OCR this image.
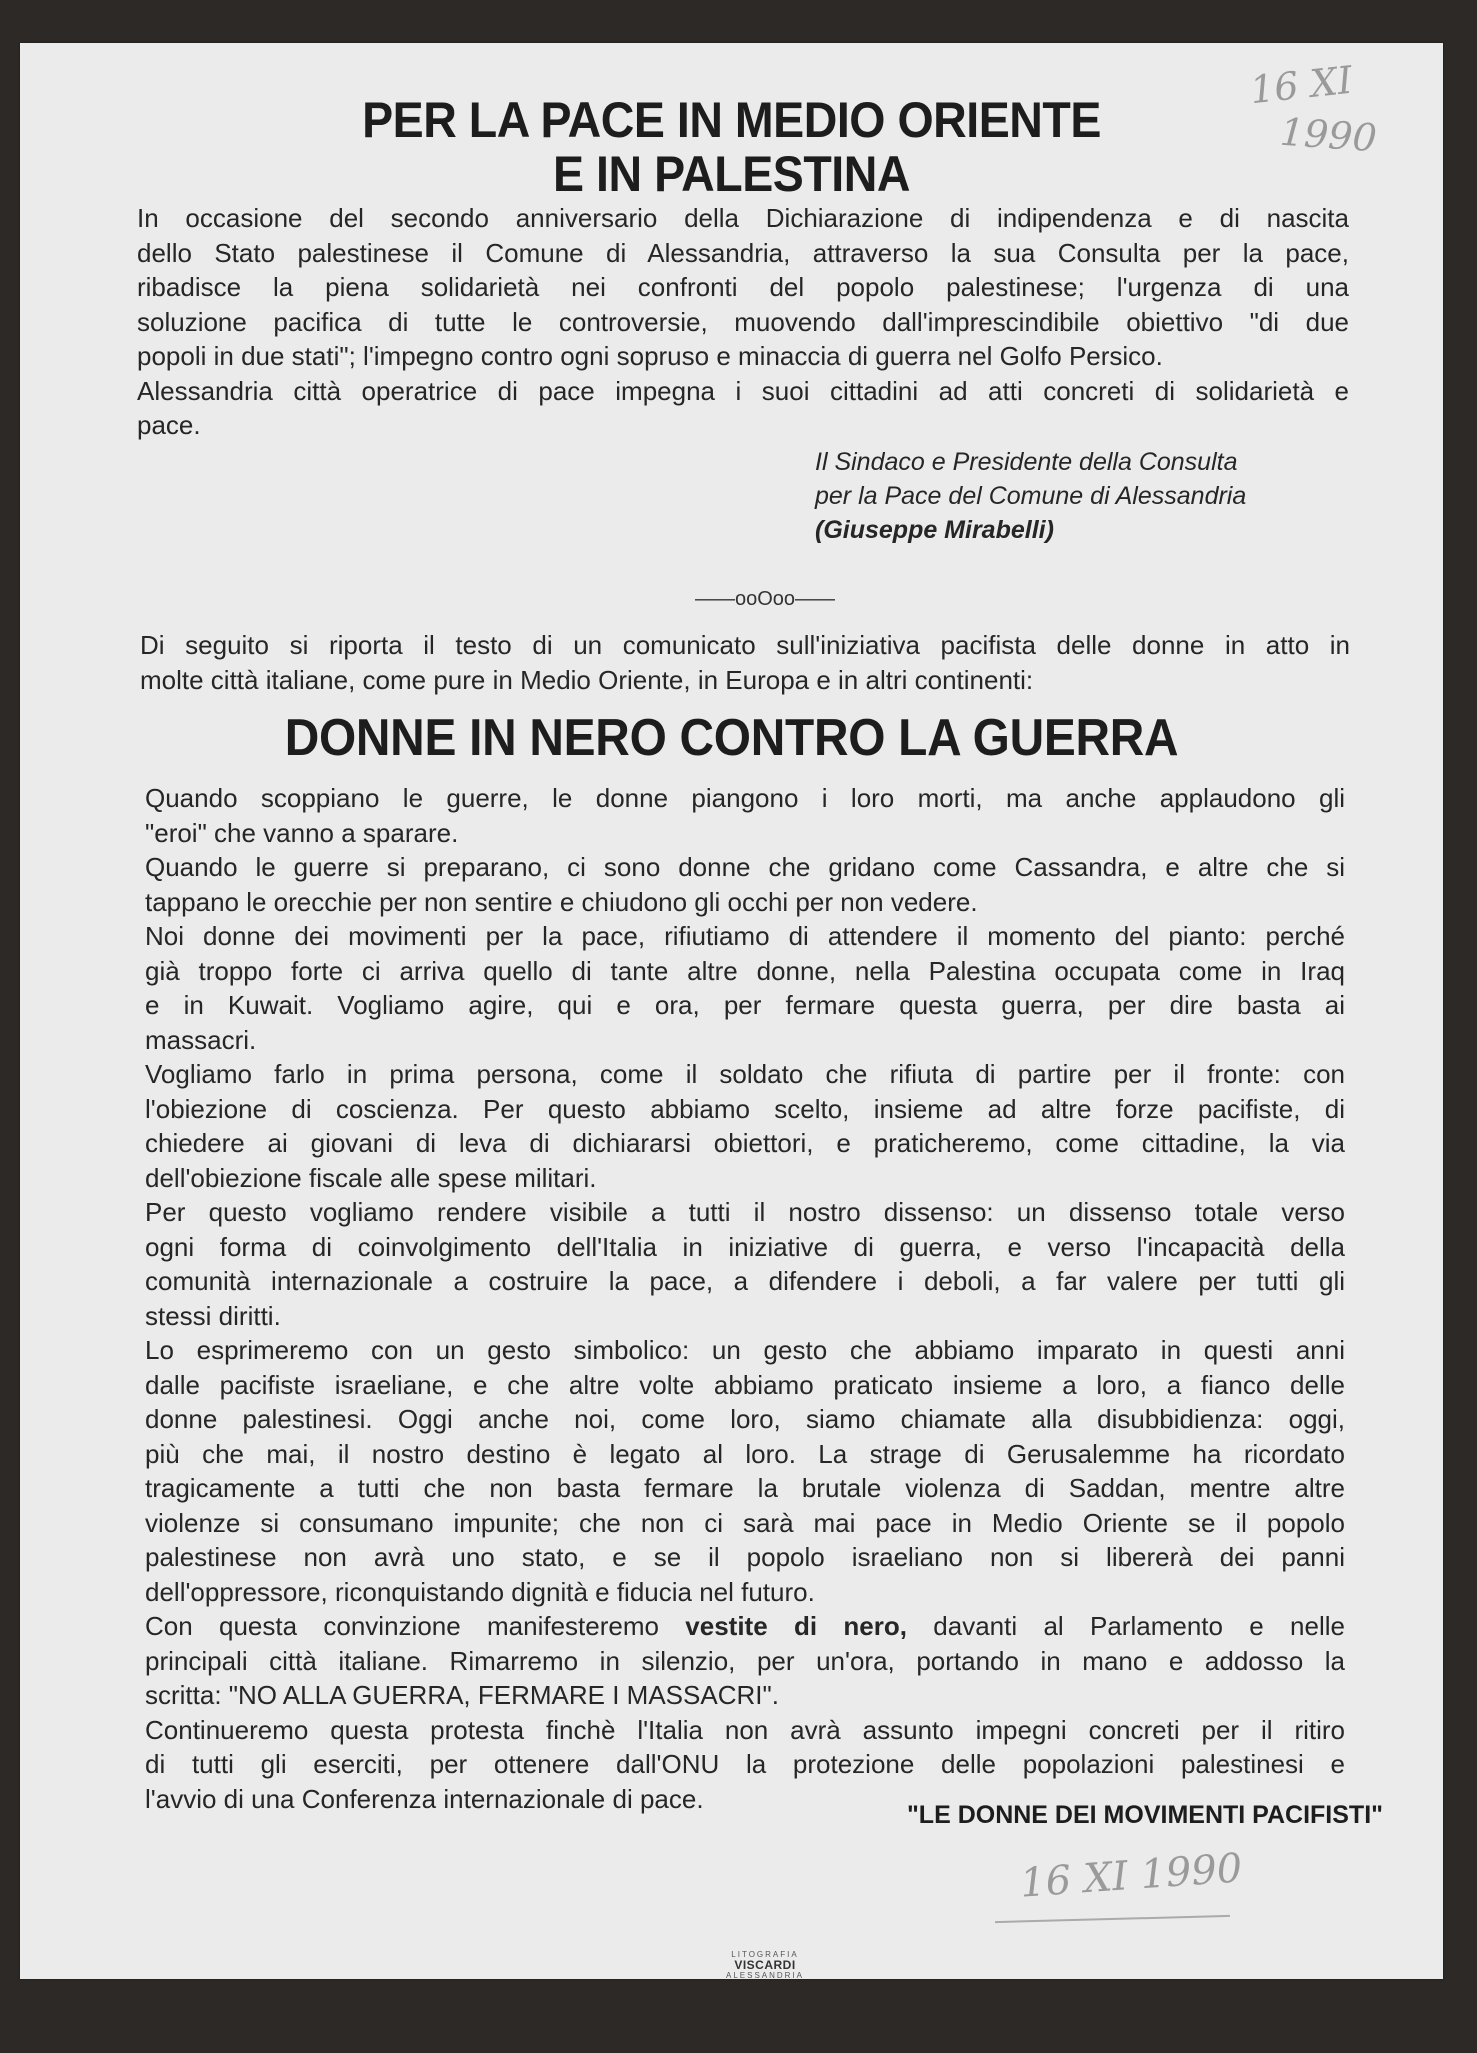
PER LA PACE IN MEDIO ORIENTE
E IN PALESTINA
In occasione del secondo anniversario della Dichiarazione di indipendenza e di nascita
dello Stato palestinese il Comune di Alessandria, attraverso la sua Consulta per la pace,
ribadisce la piena solidarietà nei confronti del popolo palestinese; l'urgenza di una
soluzione pacifica di tutte le controversie, muovendo dall'imprescindibile obiettivo "di due
popoli in due stati"; l'impegno contro ogni sopruso e minaccia di guerra nel Golfo Persico.
Alessandria città operatrice di pace impegna i suoi cittadini ad atti concreti di solidarietà e
pace.
Il Sindaco e Presidente della Consulta
per la Pace del Comune di Alessandria
(Giuseppe Mirabelli)
——ooOoo——
Di seguito si riporta il testo di un comunicato sull'iniziativa pacifista delle donne in atto in
molte città italiane, come pure in Medio Oriente, in Europa e in altri continenti:
DONNE IN NERO CONTRO LA GUERRA
Quando scoppiano le guerre, le donne piangono i loro morti, ma anche applaudono gli
"eroi" che vanno a sparare.
Quando le guerre si preparano, ci sono donne che gridano come Cassandra, e altre che si
tappano le orecchie per non sentire e chiudono gli occhi per non vedere.
Noi donne dei movimenti per la pace, rifiutiamo di attendere il momento del pianto: perché
già troppo forte ci arriva quello di tante altre donne, nella Palestina occupata come in Iraq
e in Kuwait. Vogliamo agire, qui e ora, per fermare questa guerra, per dire basta ai
massacri.
Vogliamo farlo in prima persona, come il soldato che rifiuta di partire per il fronte: con
l'obiezione di coscienza. Per questo abbiamo scelto, insieme ad altre forze pacifiste, di
chiedere ai giovani di leva di dichiararsi obiettori, e praticheremo, come cittadine, la via
dell'obiezione fiscale alle spese militari.
Per questo vogliamo rendere visibile a tutti il nostro dissenso: un dissenso totale verso
ogni forma di coinvolgimento dell'Italia in iniziative di guerra, e verso l'incapacità della
comunità internazionale a costruire la pace, a difendere i deboli, a far valere per tutti gli
stessi diritti.
Lo esprimeremo con un gesto simbolico: un gesto che abbiamo imparato in questi anni
dalle pacifiste israeliane, e che altre volte abbiamo praticato insieme a loro, a fianco delle
donne palestinesi. Oggi anche noi, come loro, siamo chiamate alla disubbidienza: oggi,
più che mai, il nostro destino è legato al loro. La strage di Gerusalemme ha ricordato
tragicamente a tutti che non basta fermare la brutale violenza di Saddan, mentre altre
violenze si consumano impunite; che non ci sarà mai pace in Medio Oriente se il popolo
palestinese non avrà uno stato, e se il popolo israeliano non si libererà dei panni
dell'oppressore, riconquistando dignità e fiducia nel futuro.
Con questa convinzione manifesteremo vestite di nero, davanti al Parlamento e nelle
principali città italiane. Rimarremo in silenzio, per un'ora, portando in mano e addosso la
scritta: "NO ALLA GUERRA, FERMARE I MASSACRI".
Continueremo questa protesta finchè l'Italia non avrà assunto impegni concreti per il ritiro
di tutti gli eserciti, per ottenere dall'ONU la protezione delle popolazioni palestinesi e
l'avvio di una Conferenza internazionale di pace.
"LE DONNE DEI MOVIMENTI PACIFISTI"
16 XI
1990
16 XI 1990
LITOGRAFIA
VISCARDI
ALESSANDRIA
